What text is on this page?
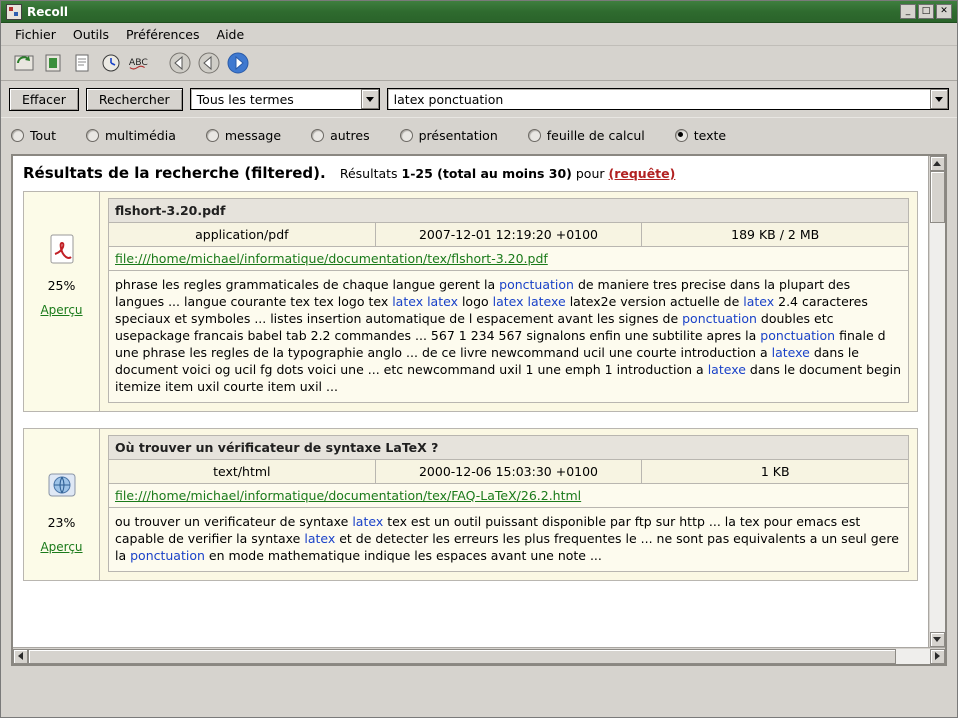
Recoll	_	□	✕
Fichier	Outils	Préférences	Aide
ABC
Effacer	Rechercher	Tous les termes	latex ponctuation
Tout	multimédia	message	autres	présentation	feuille de calcul	texte
Résultats de la recherche (filtered). Résultats 1-25 (total au moins 30) pour (requête)
25%
Aperçu
flshort-3.20.pdf
application/pdf	2007-12-01 12:19:20 +0100	189 KB / 2 MB
file:///home/michael/informatique/documentation/tex/flshort-3.20.pdf
phrase les regles grammaticales de chaque langue gerent la ponctuation de maniere tres precise dans la plupart des langues ... langue courante tex tex logo tex latex latex logo latex latexe latex2e version actuelle de latex 2.4 caracteres speciaux et symboles ... listes insertion automatique de l espacement avant les signes de ponctuation doubles etc usepackage francais babel tab 2.2 commandes ... 567 1 234 567 signalons enfin une subtilite apres la ponctuation finale d une phrase les regles de la typographie anglo ... de ce livre newcommand ucil une courte introduction a latexe dans le document voici og ucil fg dots voici une ... etc newcommand uxil 1 une emph 1 introduction a latexe dans le document begin itemize item uxil courte item uxil ...
23%
Aperçu
Où trouver un vérificateur de syntaxe LaTeX ?
text/html	2000-12-06 15:03:30 +0100	1 KB
file:///home/michael/informatique/documentation/tex/FAQ-LaTeX/26.2.html
ou trouver un verificateur de syntaxe latex tex est un outil puissant disponible par ftp sur http ... la tex pour emacs est capable de verifier la syntaxe latex et de detecter les erreurs les plus frequentes le ... ne sont pas equivalents a un seul gere la ponctuation en mode mathematique indique les espaces avant une note ...
